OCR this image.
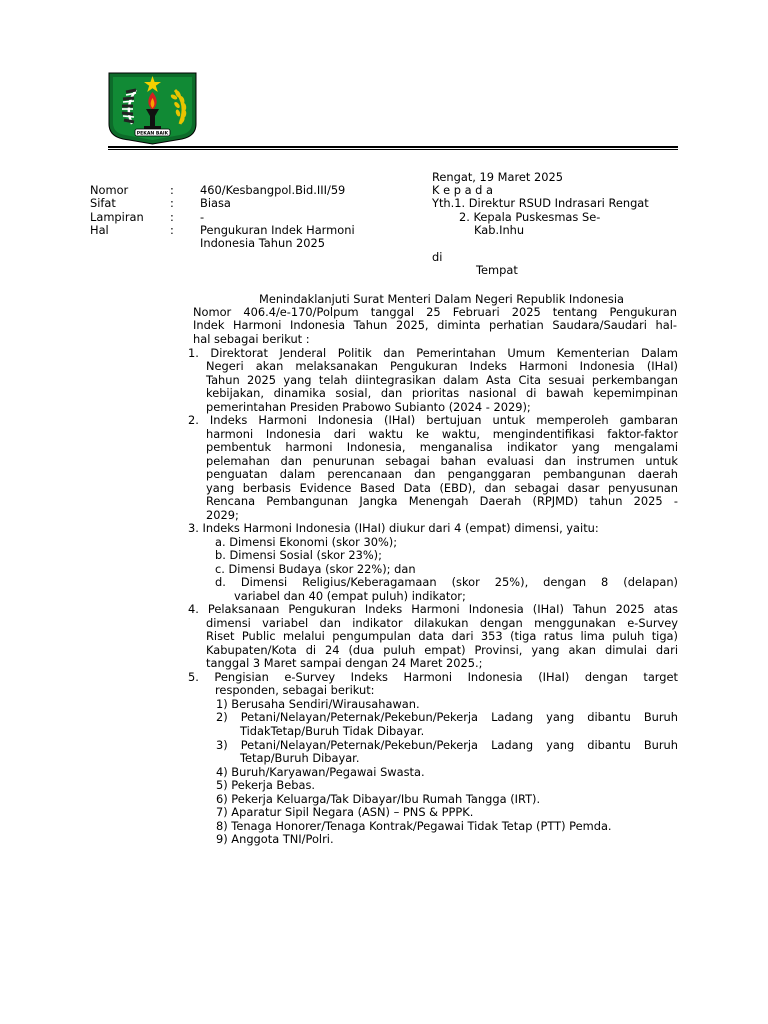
PEKAN BAIK
Rengat, 19 Maret 2025
K e p a d a
Yth.1. Direktur RSUD Indrasari Rengat
2. Kepala Puskesmas Se-
Kab.Inhu
di
Tempat
Nomor	: 460/Kesbangpol.Bid.III/59
Sifat	: Biasa
Lampiran : -
Hal	: Pengukuran Indek Harmoni
Indonesia Tahun 2025
Menindaklanjuti Surat Menteri Dalam Negeri Republik Indonesia
Nomor 406.4/e-170/Polpum tanggal 25 Februari 2025 tentang Pengukuran
Indek Harmoni Indonesia Tahun 2025, diminta perhatian Saudara/Saudari hal-
hal sebagai berikut :
1. Direktorat Jenderal Politik dan Pemerintahan Umum Kementerian Dalam
Negeri akan melaksanakan Pengukuran Indeks Harmoni Indonesia (IHaI)
Tahun 2025 yang telah diintegrasikan dalam Asta Cita sesuai perkembangan
kebijakan, dinamika sosial, dan prioritas nasional di bawah kepemimpinan
pemerintahan Presiden Prabowo Subianto (2024 - 2029);
2. Indeks Harmoni Indonesia (IHaI) bertujuan untuk memperoleh gambaran
harmoni Indonesia dari waktu ke waktu, mengindentifikasi faktor-faktor
pembentuk harmoni Indonesia, menganalisa indikator yang mengalami
pelemahan dan penurunan sebagai bahan evaluasi dan instrumen untuk
penguatan dalam perencanaan dan penganggaran pembangunan daerah
yang berbasis Evidence Based Data (EBD), dan sebagai dasar penyusunan
Rencana Pembangunan Jangka Menengah Daerah (RPJMD) tahun 2025 -
2029;
3. Indeks Harmoni Indonesia (IHaI) diukur dari 4 (empat) dimensi, yaitu:
a. Dimensi Ekonomi (skor 30%);
b. Dimensi Sosial (skor 23%);
c. Dimensi Budaya (skor 22%); dan
d. Dimensi Religius/Keberagamaan (skor 25%), dengan 8 (delapan)
variabel dan 40 (empat puluh) indikator;
4. Pelaksanaan Pengukuran Indeks Harmoni Indonesia (IHaI) Tahun 2025 atas
dimensi variabel dan indikator dilakukan dengan menggunakan e-Survey
Riset Public melalui pengumpulan data dari 353 (tiga ratus lima puluh tiga)
Kabupaten/Kota di 24 (dua puluh empat) Provinsi, yang akan dimulai dari
tanggal 3 Maret sampai dengan 24 Maret 2025.;
5. Pengisian e-Survey Indeks Harmoni Indonesia (IHaI) dengan target
responden, sebagai berikut:
1) Berusaha Sendiri/Wirausahawan.
2) Petani/Nelayan/Peternak/Pekebun/Pekerja Ladang yang dibantu Buruh
TidakTetap/Buruh Tidak Dibayar.
3) Petani/Nelayan/Peternak/Pekebun/Pekerja Ladang yang dibantu Buruh
Tetap/Buruh Dibayar.
4) Buruh/Karyawan/Pegawai Swasta.
5) Pekerja Bebas.
6) Pekerja Keluarga/Tak Dibayar/Ibu Rumah Tangga (IRT).
7) Aparatur Sipil Negara (ASN) – PNS & PPPK.
8) Tenaga Honorer/Tenaga Kontrak/Pegawai Tidak Tetap (PTT) Pemda.
9) Anggota TNI/Polri.
